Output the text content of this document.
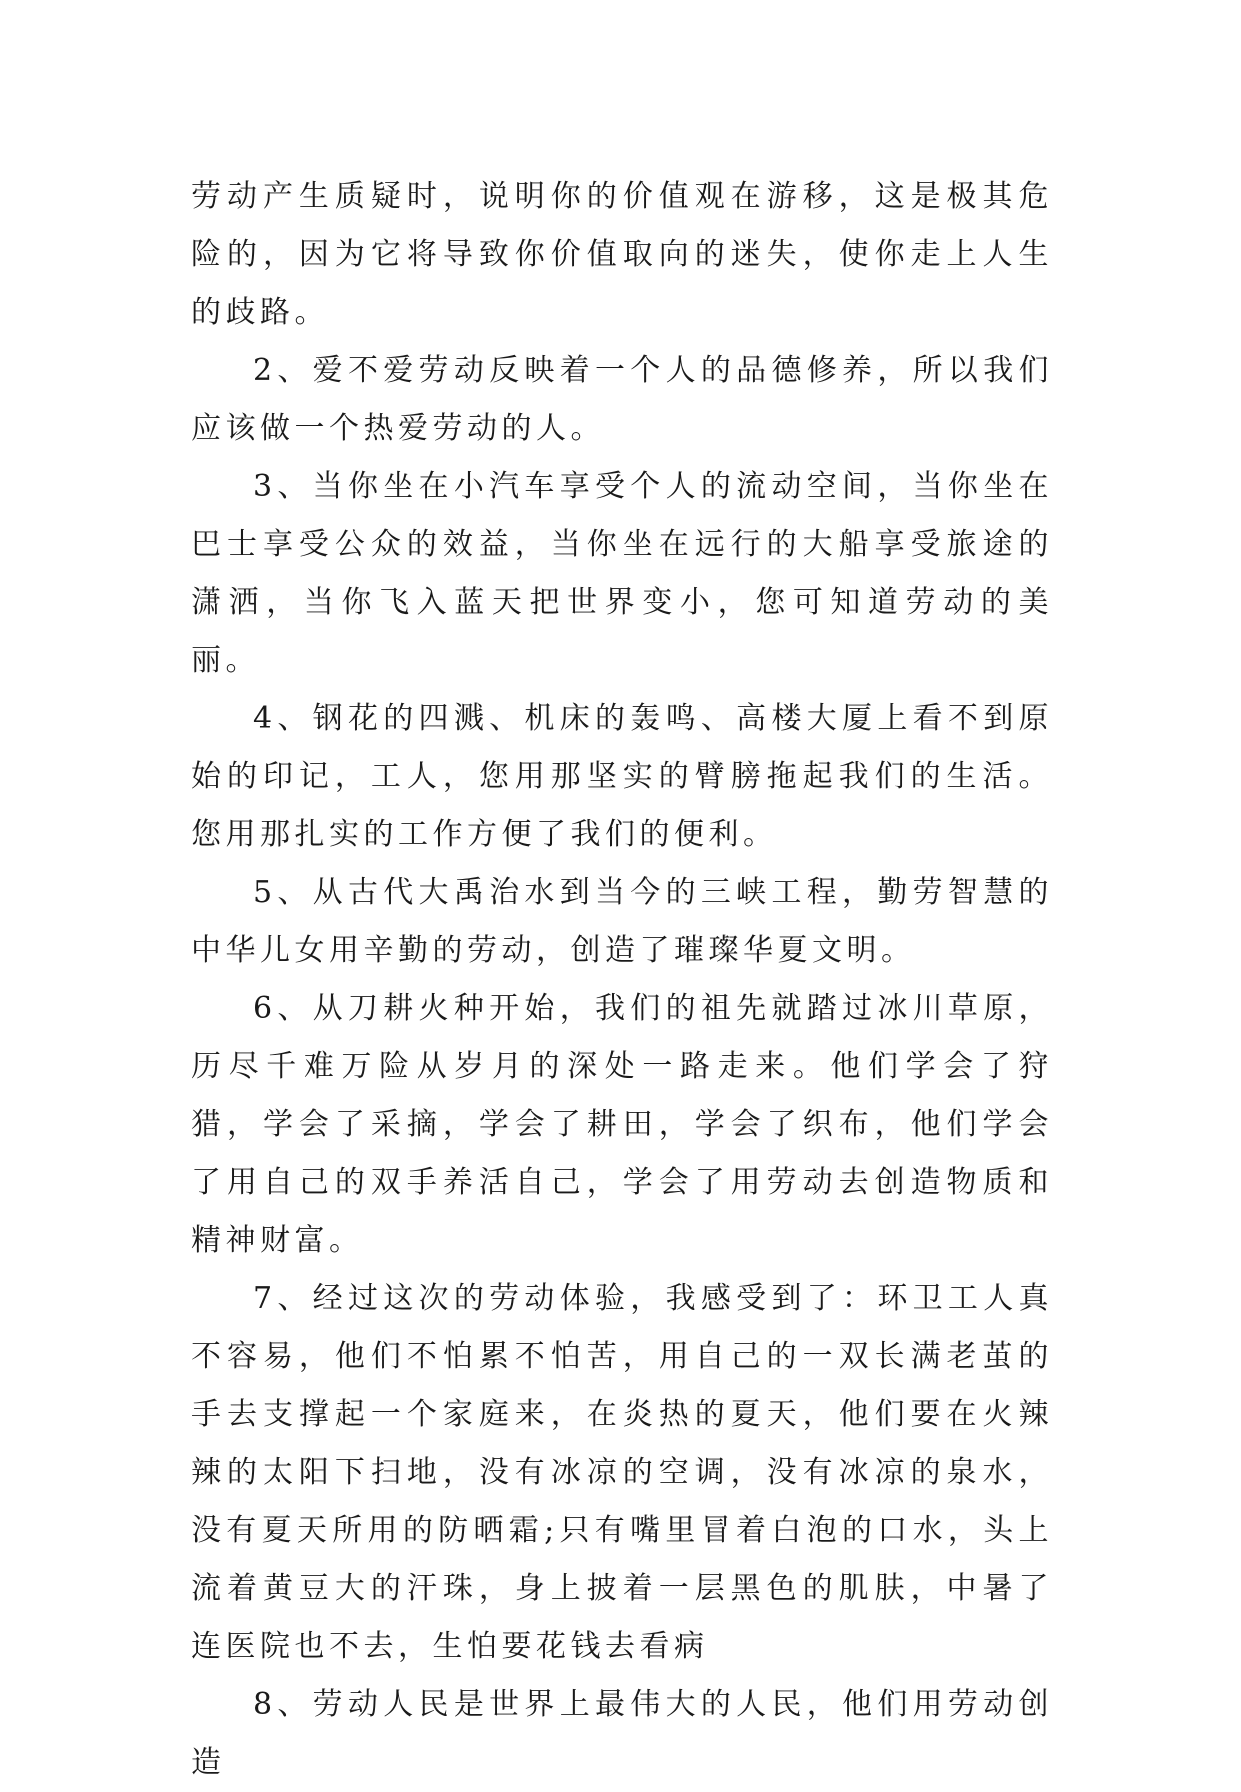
劳动产生质疑时，说明你的价值观在游移，这是极其危险的，因为它将导致你价值取向的迷失，使你走上人生的歧路。

2、爱不爱劳动反映着一个人的品德修养，所以我们应该做一个热爱劳动的人。

3、当你坐在小汽车享受个人的流动空间，当你坐在巴士享受公众的效益，当你坐在远行的大船享受旅途的潇洒，当你飞入蓝天把世界变小，您可知道劳动的美丽。

4、钢花的四溅、机床的轰鸣、高楼大厦上看不到原始的印记，工人，您用那坚实的臂膀拖起我们的生活。您用那扎实的工作方便了我们的便利。

5、从古代大禹治水到当今的三峡工程，勤劳智慧的中华儿女用辛勤的劳动，创造了璀璨华夏文明。

6、从刀耕火种开始，我们的祖先就踏过冰川草原，历尽千难万险从岁月的深处一路走来。他们学会了狩猎，学会了采摘，学会了耕田，学会了织布，他们学会了用自己的双手养活自己，学会了用劳动去创造物质和精神财富。

7、经过这次的劳动体验，我感受到了：环卫工人真不容易，他们不怕累不怕苦，用自己的一双长满老茧的手去支撑起一个家庭来，在炎热的夏天，他们要在火辣辣的太阳下扫地，没有冰凉的空调，没有冰凉的泉水，没有夏天所用的防晒霜;只有嘴里冒着白泡的口水，头上流着黄豆大的汗珠，身上披着一层黑色的肌肤，中暑了连医院也不去，生怕要花钱去看病

8、劳动人民是世界上最伟大的人民，他们用劳动创造
